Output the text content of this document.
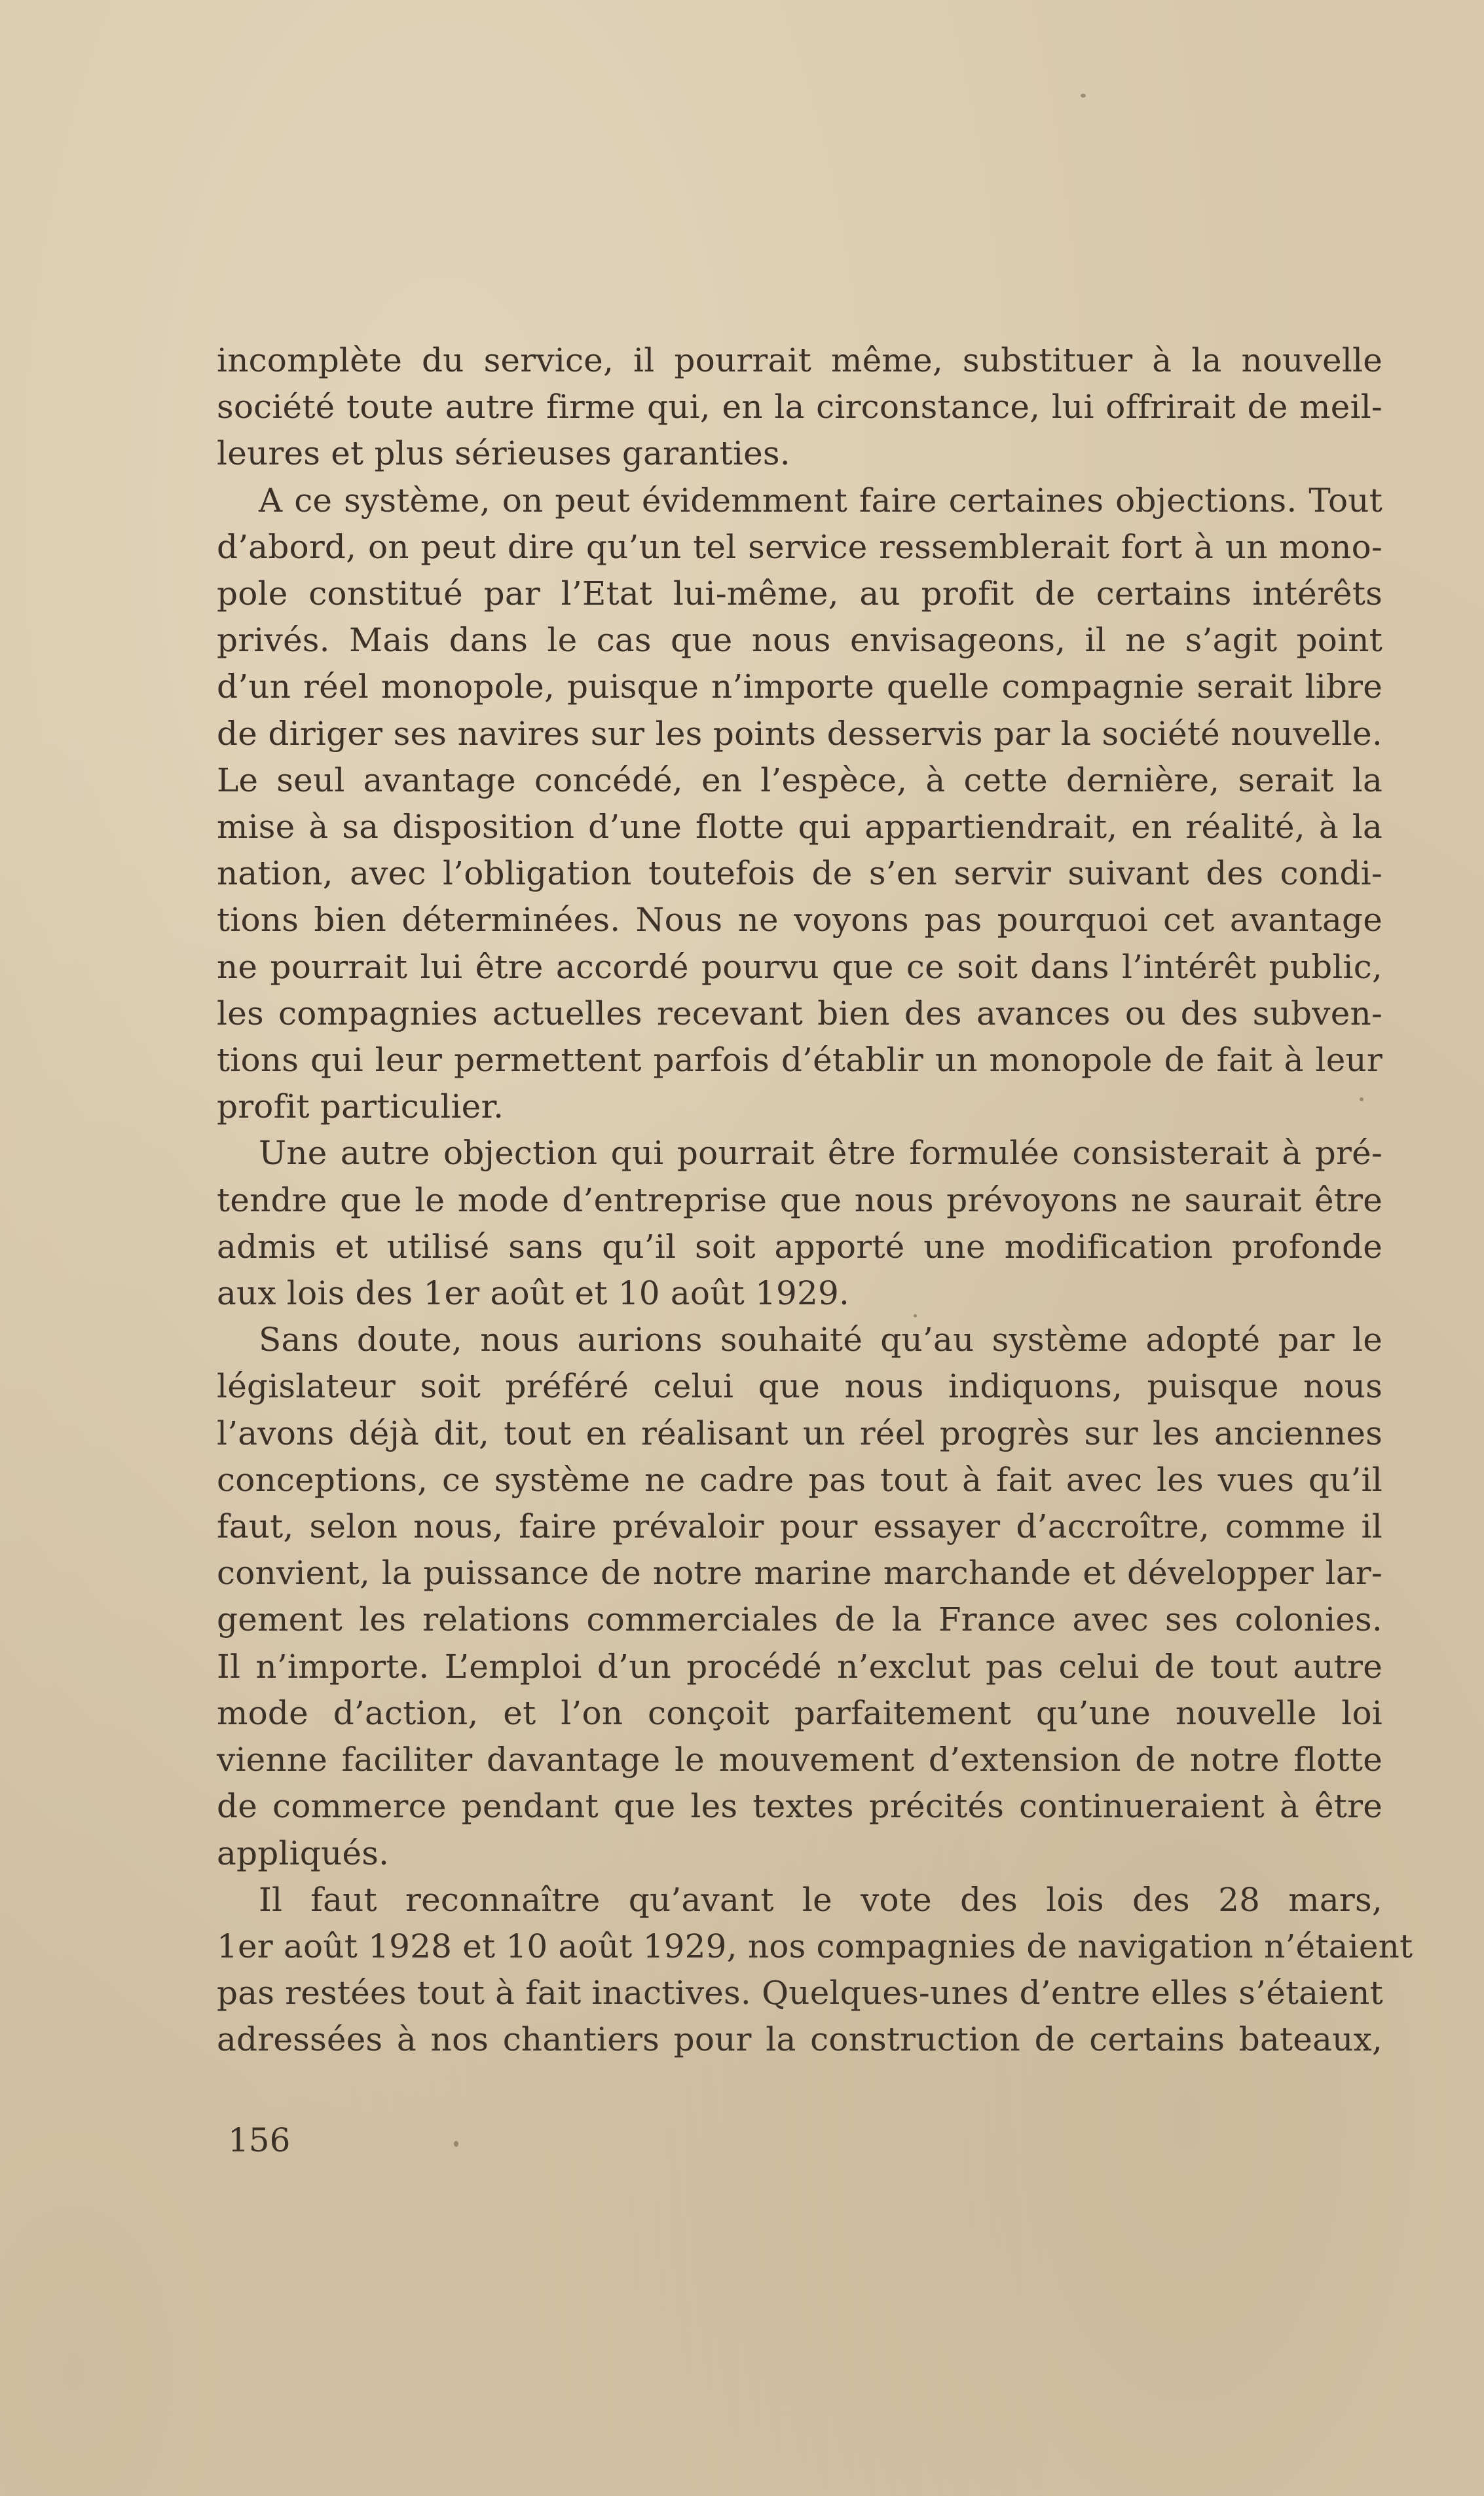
incomplète du service, il pourrait même, substituer à la nouvelle
société toute autre firme qui, en la circonstance, lui offrirait de meil-
leures et plus sérieuses garanties.
A ce système, on peut évidemment faire certaines objections. Tout
d’abord, on peut dire qu’un tel service ressemblerait fort à un mono-
pole constitué par l’Etat lui-même, au profit de certains intérêts
privés. Mais dans le cas que nous envisageons, il ne s’agit point
d’un réel monopole, puisque n’importe quelle compagnie serait libre
de diriger ses navires sur les points desservis par la société nouvelle.
Le seul avantage concédé, en l’espèce, à cette dernière, serait la
mise à sa disposition d’une flotte qui appartiendrait, en réalité, à la
nation, avec l’obligation toutefois de s’en servir suivant des condi-
tions bien déterminées. Nous ne voyons pas pourquoi cet avantage
ne pourrait lui être accordé pourvu que ce soit dans l’intérêt public,
les compagnies actuelles recevant bien des avances ou des subven-
tions qui leur permettent parfois d’établir un monopole de fait à leur
profit particulier.
Une autre objection qui pourrait être formulée consisterait à pré-
tendre que le mode d’entreprise que nous prévoyons ne saurait être
admis et utilisé sans qu’il soit apporté une modification profonde
aux lois des 1er août et 10 août 1929.
Sans doute, nous aurions souhaité qu’au système adopté par le
législateur soit préféré celui que nous indiquons, puisque nous
l’avons déjà dit, tout en réalisant un réel progrès sur les anciennes
conceptions, ce système ne cadre pas tout à fait avec les vues qu’il
faut, selon nous, faire prévaloir pour essayer d’accroître, comme il
convient, la puissance de notre marine marchande et développer lar-
gement les relations commerciales de la France avec ses colonies.
Il n’importe. L’emploi d’un procédé n’exclut pas celui de tout autre
mode d’action, et l’on conçoit parfaitement qu’une nouvelle loi
vienne faciliter davantage le mouvement d’extension de notre flotte
de commerce pendant que les textes précités continueraient à être
appliqués.
Il faut reconnaître qu’avant le vote des lois des 28 mars,
1er août 1928 et 10 août 1929, nos compagnies de navigation n’étaient
pas restées tout à fait inactives. Quelques-unes d’entre elles s’étaient
adressées à nos chantiers pour la construction de certains bateaux,
156
